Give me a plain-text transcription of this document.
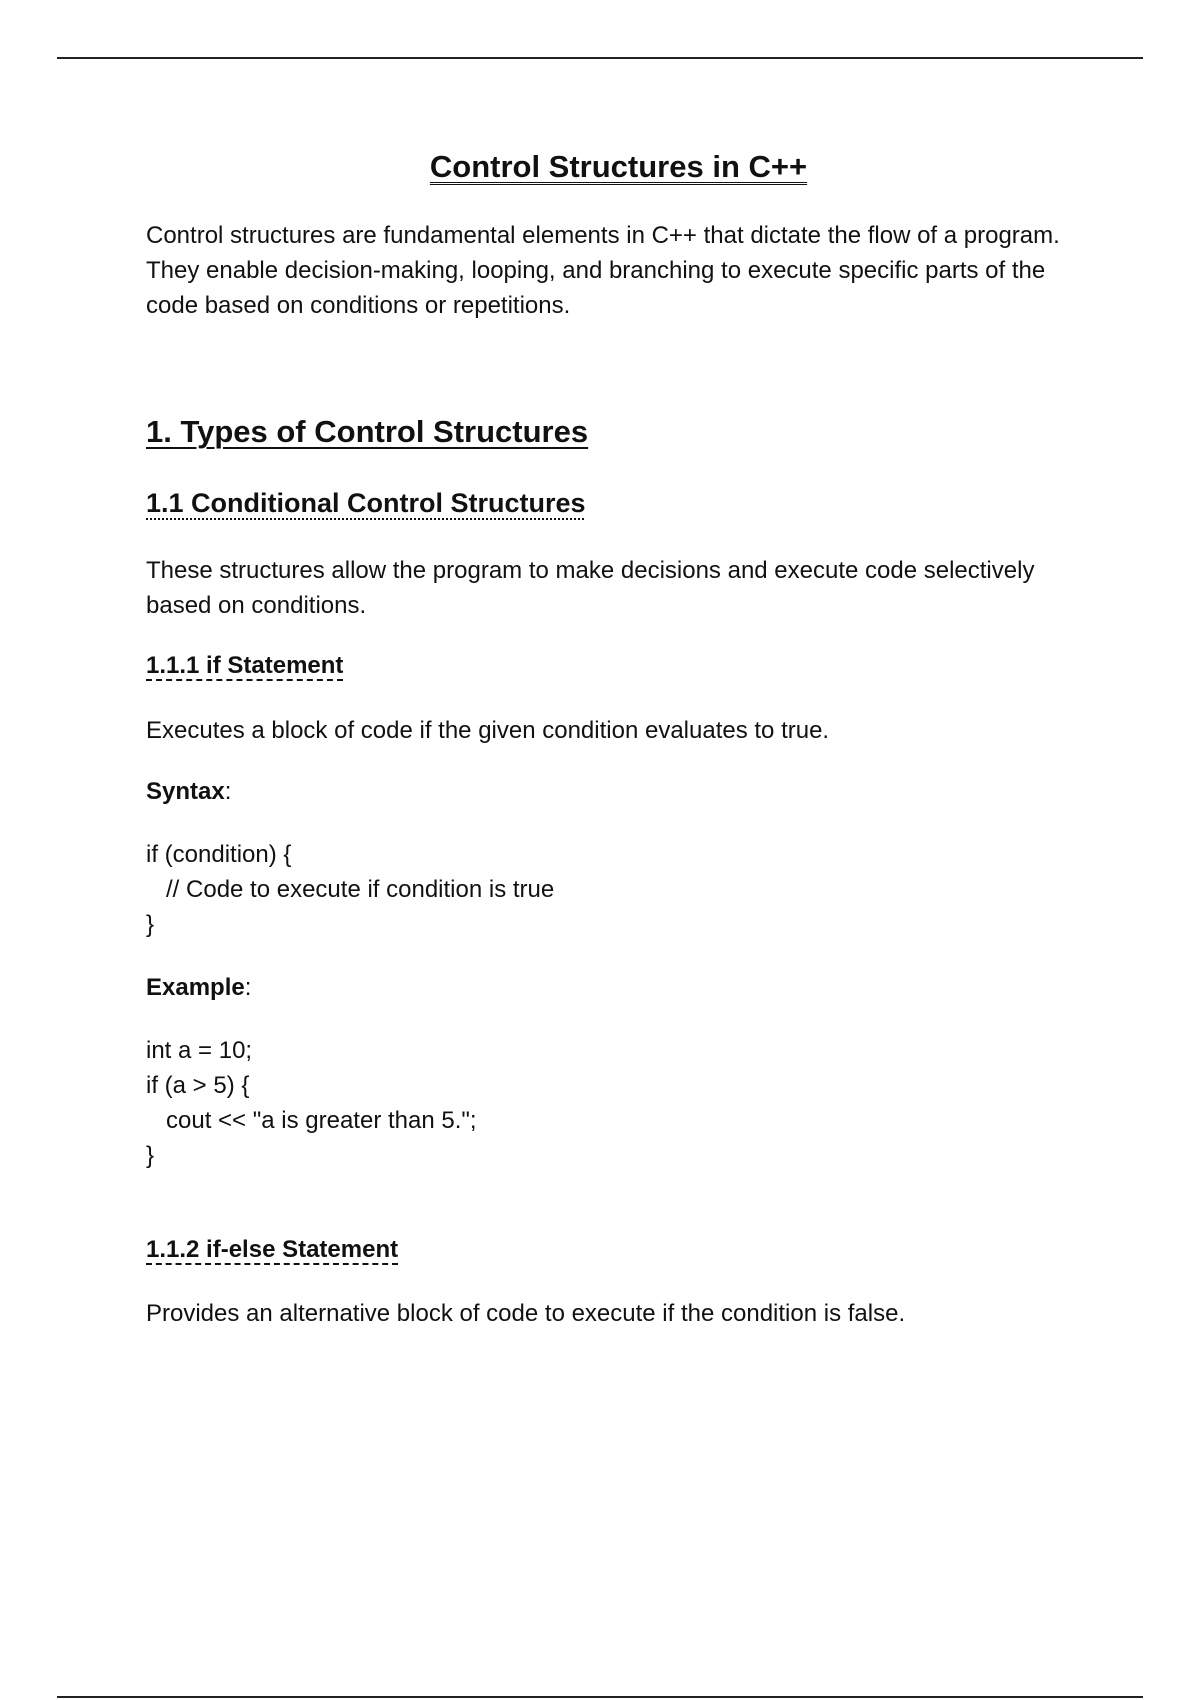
Control Structures in C++

Control structures are fundamental elements in C++ that dictate the flow of a program. They enable decision-making, looping, and branching to execute specific parts of the code based on conditions or repetitions.

1. Types of Control Structures
1.1 Conditional Control Structures

These structures allow the program to make decisions and execute code selectively based on conditions.

1.1.1 if Statement

Executes a block of code if the given condition evaluates to true.

Syntax:

if (condition) {
// Code to execute if condition is true
}

Example:

int a = 10;
if (a > 5) {
cout << "a is greater than 5.";
}
1.1.2 if-else Statement

Provides an alternative block of code to execute if the condition is false.
